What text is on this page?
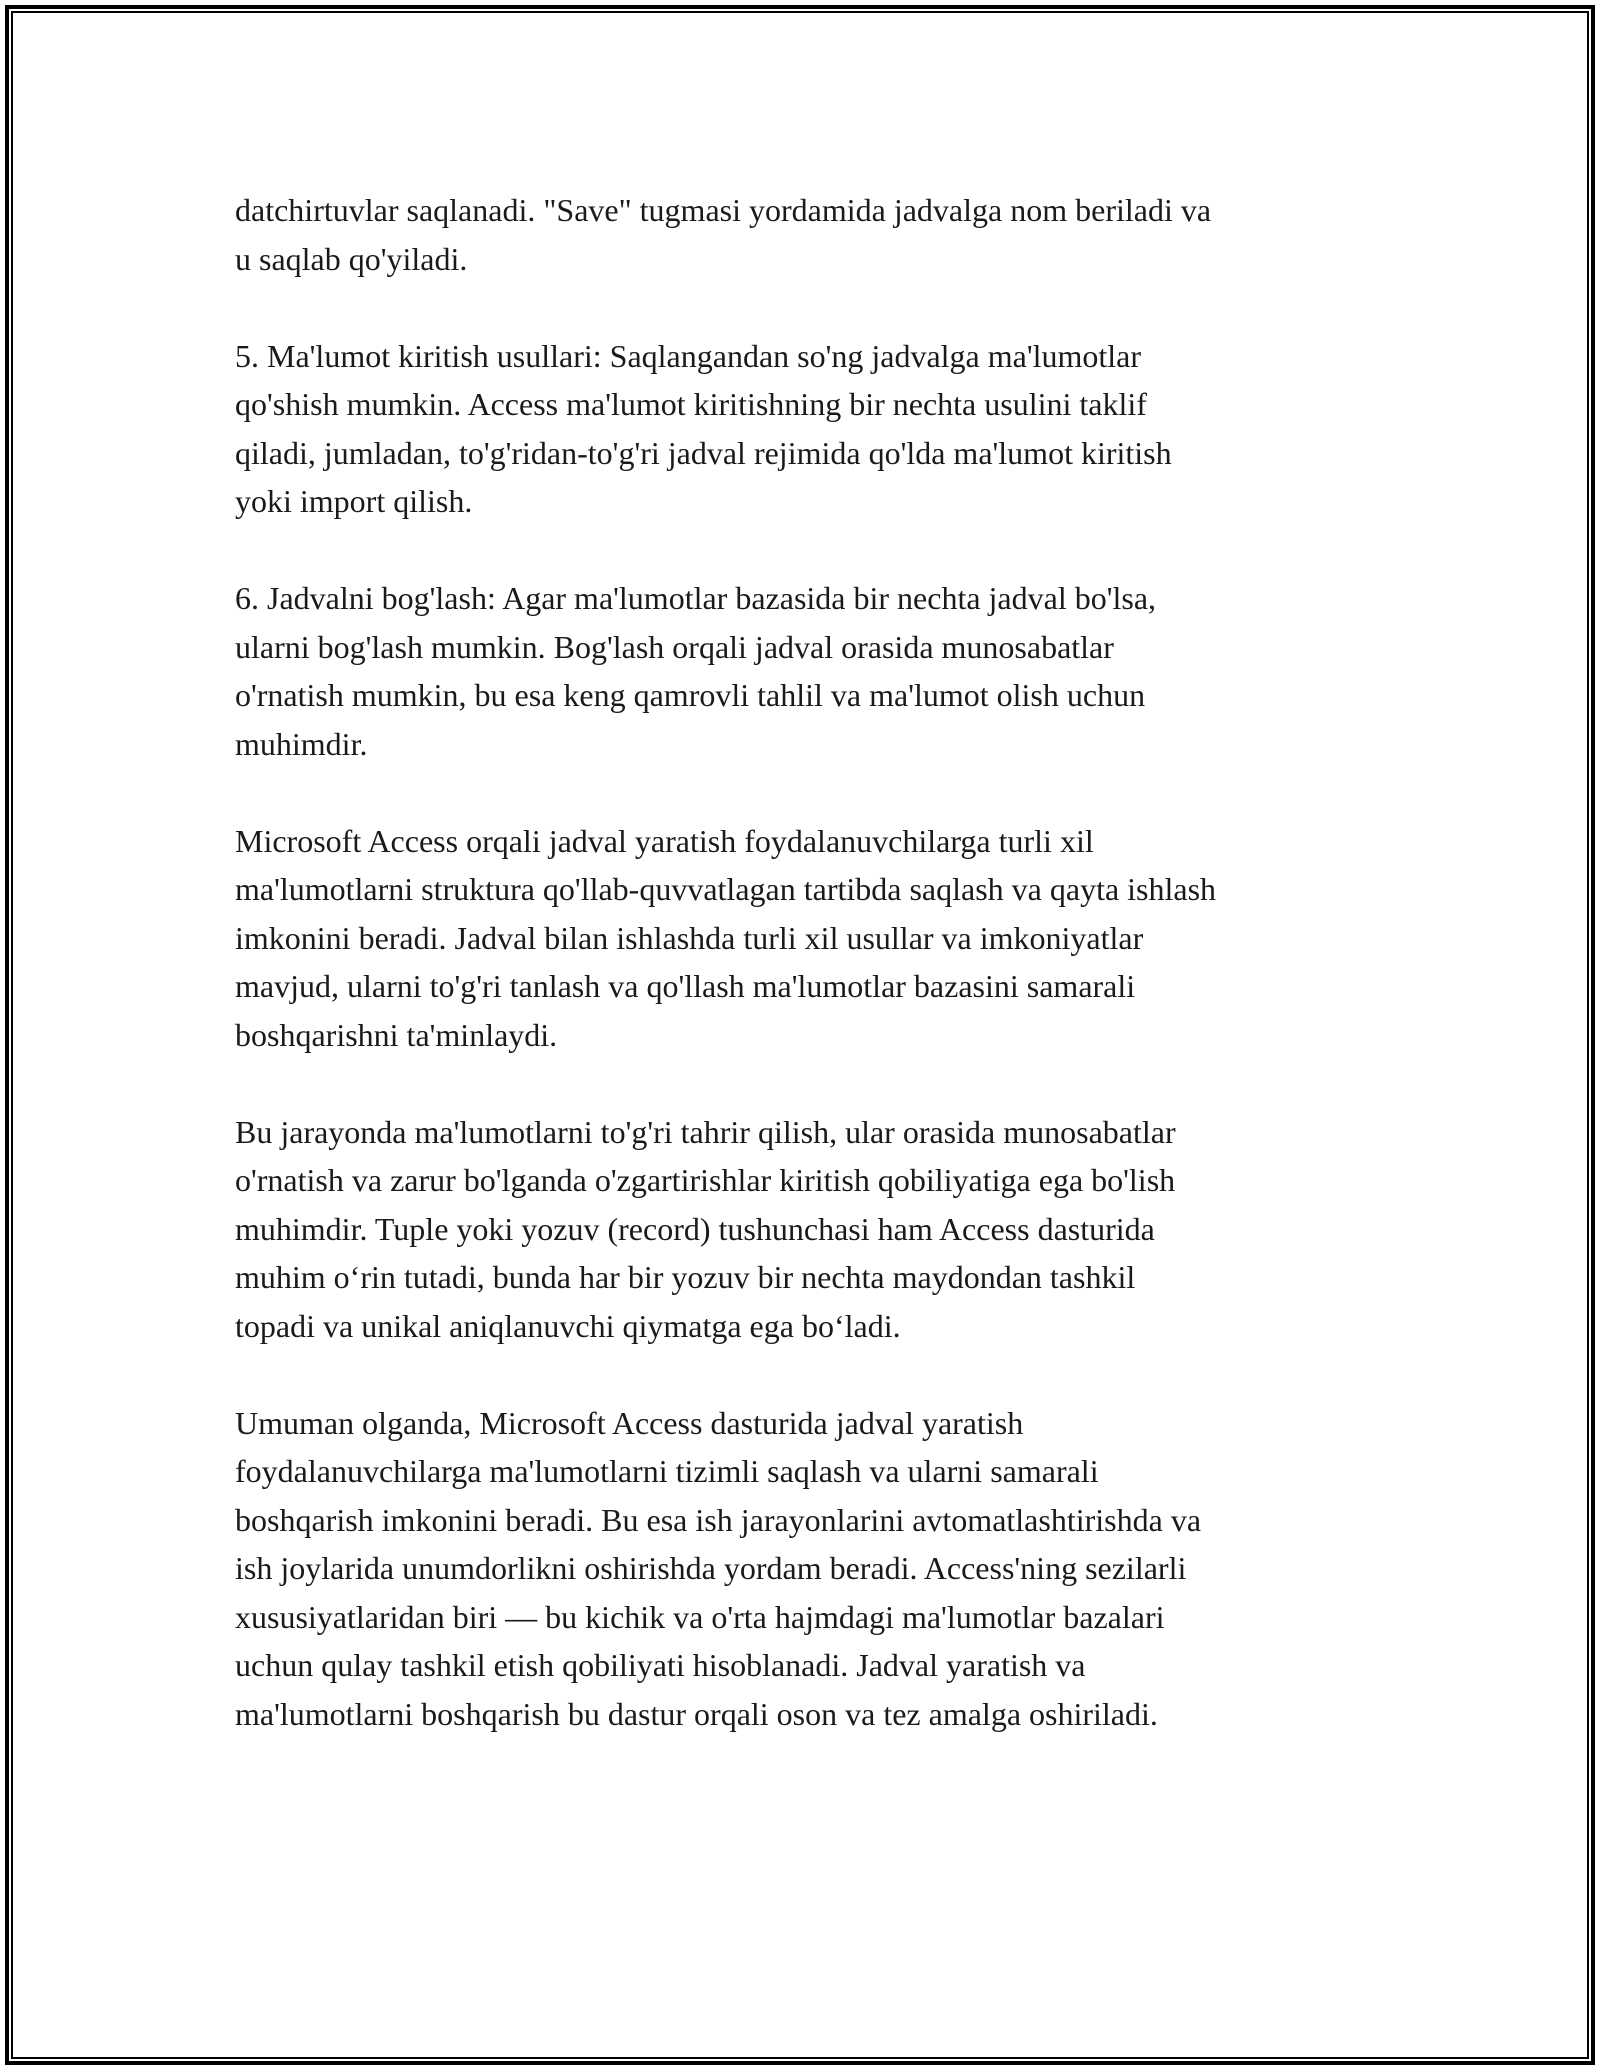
datchirtuvlar saqlanadi. "Save" tugmasi yordamida jadvalga nom beriladi va
u saqlab qo'yiladi.

5. Ma'lumot kiritish usullari: Saqlangandan so'ng jadvalga ma'lumotlar
qo'shish mumkin. Access ma'lumot kiritishning bir nechta usulini taklif
qiladi, jumladan, to'g'ridan-to'g'ri jadval rejimida qo'lda ma'lumot kiritish
yoki import qilish.

6. Jadvalni bog'lash: Agar ma'lumotlar bazasida bir nechta jadval bo'lsa,
ularni bog'lash mumkin. Bog'lash orqali jadval orasida munosabatlar
o'rnatish mumkin, bu esa keng qamrovli tahlil va ma'lumot olish uchun
muhimdir.

Microsoft Access orqali jadval yaratish foydalanuvchilarga turli xil
ma'lumotlarni struktura qo'llab-quvvatlagan tartibda saqlash va qayta ishlash
imkonini beradi. Jadval bilan ishlashda turli xil usullar va imkoniyatlar
mavjud, ularni to'g'ri tanlash va qo'llash ma'lumotlar bazasini samarali
boshqarishni ta'minlaydi.

Bu jarayonda ma'lumotlarni to'g'ri tahrir qilish, ular orasida munosabatlar
o'rnatish va zarur bo'lganda o'zgartirishlar kiritish qobiliyatiga ega bo'lish
muhimdir. Tuple yoki yozuv (record) tushunchasi ham Access dasturida
muhim o‘rin tutadi, bunda har bir yozuv bir nechta maydondan tashkil
topadi va unikal aniqlanuvchi qiymatga ega bo‘ladi.

Umuman olganda, Microsoft Access dasturida jadval yaratish
foydalanuvchilarga ma'lumotlarni tizimli saqlash va ularni samarali
boshqarish imkonini beradi. Bu esa ish jarayonlarini avtomatlashtirishda va
ish joylarida unumdorlikni oshirishda yordam beradi. Access'ning sezilarli
xususiyatlaridan biri — bu kichik va o'rta hajmdagi ma'lumotlar bazalari
uchun qulay tashkil etish qobiliyati hisoblanadi. Jadval yaratish va
ma'lumotlarni boshqarish bu dastur orqali oson va tez amalga oshiriladi.
